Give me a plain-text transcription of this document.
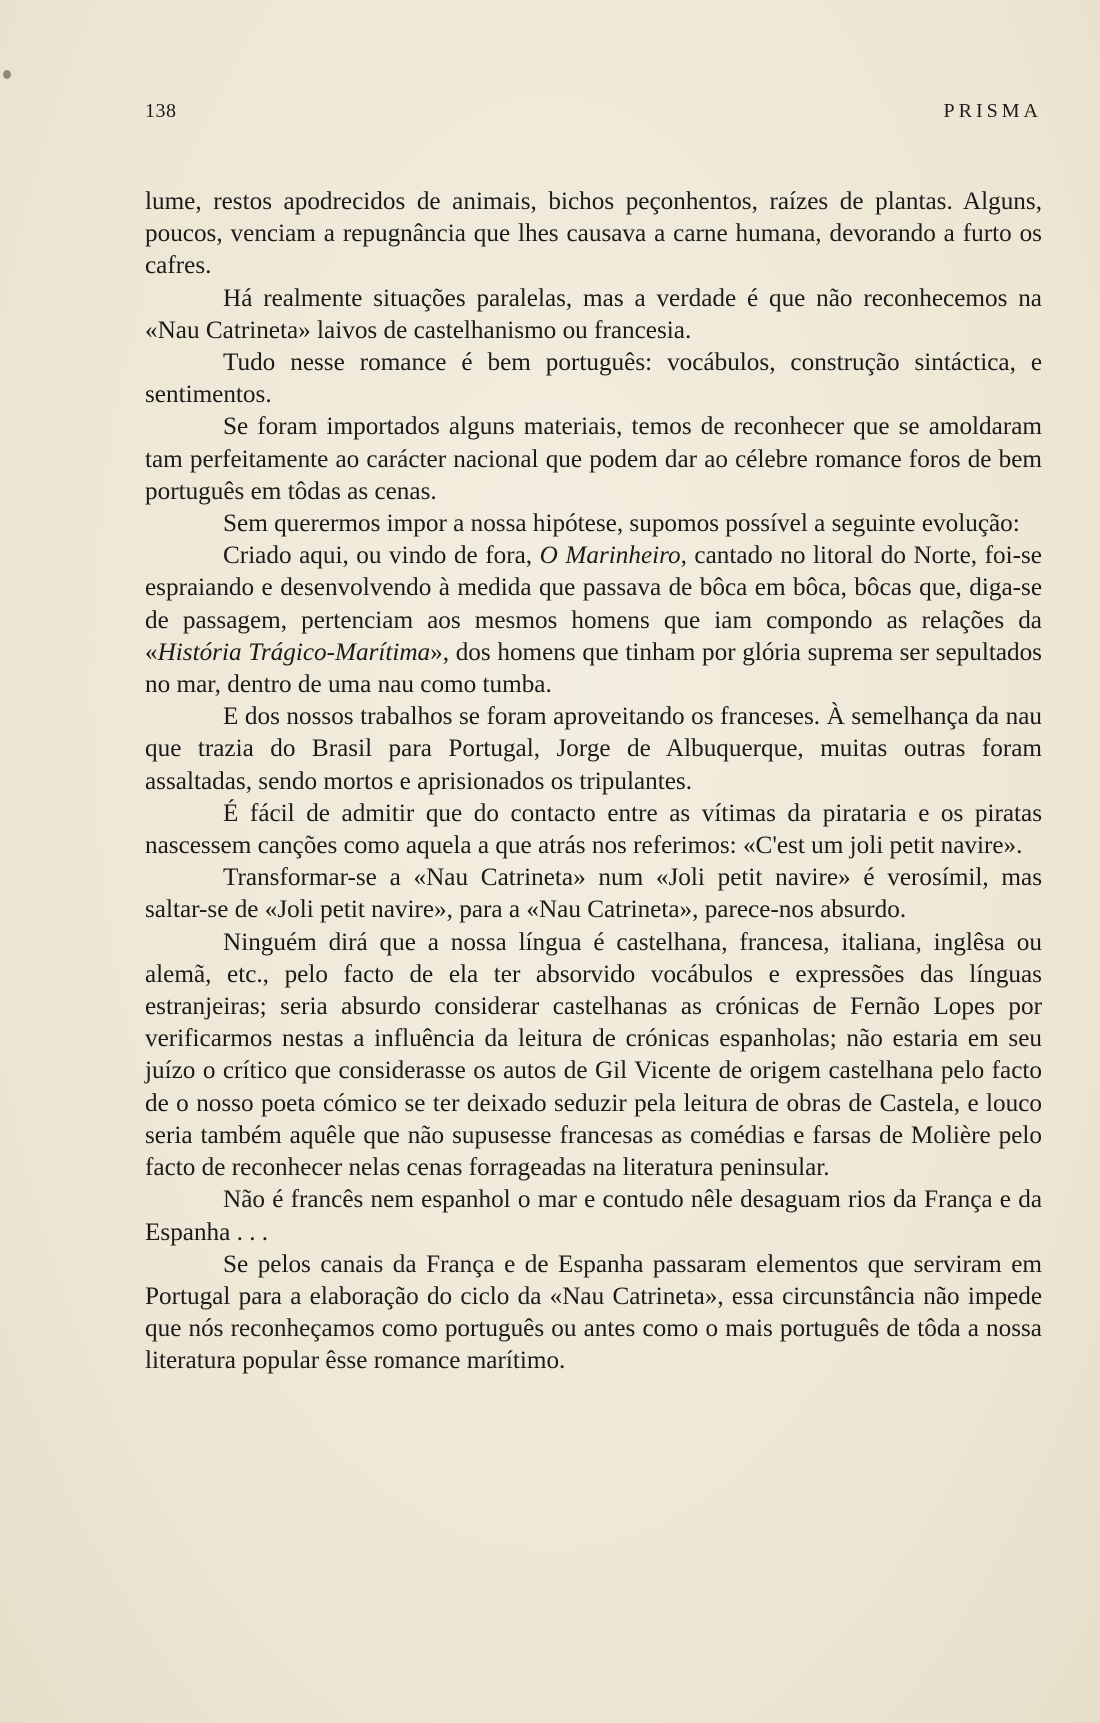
138	PRISMA

lume, restos apodrecidos de animais, bichos peçonhentos, raízes de plantas. Alguns, poucos, venciam a repugnância que lhes causava a carne humana, devorando a furto os cafres.

Há realmente situações paralelas, mas a verdade é que não reconhecemos na «Nau Catrineta» laivos de castelhanismo ou francesia.

Tudo nesse romance é bem português: vocábulos, construção sintáctica, e sentimentos.

Se foram importados alguns materiais, temos de reconhecer que se amoldaram tam perfeitamente ao carácter nacional que podem dar ao célebre romance foros de bem português em tôdas as cenas.

Sem querermos impor a nossa hipótese, supomos possível a seguinte evolução:

Criado aqui, ou vindo de fora, O Marinheiro, cantado no litoral do Norte, foi-se espraiando e desenvolvendo à medida que passava de bôca em bôca, bôcas que, diga-se de passagem, pertenciam aos mesmos homens que iam compondo as relações da «História Trágico-Marítima», dos homens que tinham por glória suprema ser sepultados no mar, dentro de uma nau como tumba.

E dos nossos trabalhos se foram aproveitando os franceses. À semelhança da nau que trazia do Brasil para Portugal, Jorge de Albuquerque, muitas outras foram assaltadas, sendo mortos e aprisionados os tripulantes.

É fácil de admitir que do contacto entre as vítimas da pirataria e os piratas nascessem canções como aquela a que atrás nos referimos: «C'est um joli petit navire».

Transformar-se a «Nau Catrineta» num «Joli petit navire» é verosímil, mas saltar-se de «Joli petit navire», para a «Nau Catrineta», parece-nos absurdo.

Ninguém dirá que a nossa língua é castelhana, francesa, italiana, inglêsa ou alemã, etc., pelo facto de ela ter absorvido vocábulos e expressões das línguas estranjeiras; seria absurdo considerar castelhanas as crónicas de Fernão Lopes por verificarmos nestas a influência da leitura de crónicas espanholas; não estaria em seu juízo o crítico que considerasse os autos de Gil Vicente de origem castelhana pelo facto de o nosso poeta cómico se ter deixado seduzir pela leitura de obras de Castela, e louco seria também aquêle que não supusesse francesas as comédias e farsas de Molière pelo facto de reconhecer nelas cenas forrageadas na literatura peninsular.

Não é francês nem espanhol o mar e contudo nêle desaguam rios da França e da Espanha . . .

Se pelos canais da França e de Espanha passaram elementos que serviram em Portugal para a elaboração do ciclo da «Nau Catrineta», essa circunstância não impede que nós reconheçamos como português ou antes como o mais português de tôda a nossa literatura popular êsse romance marítimo.
